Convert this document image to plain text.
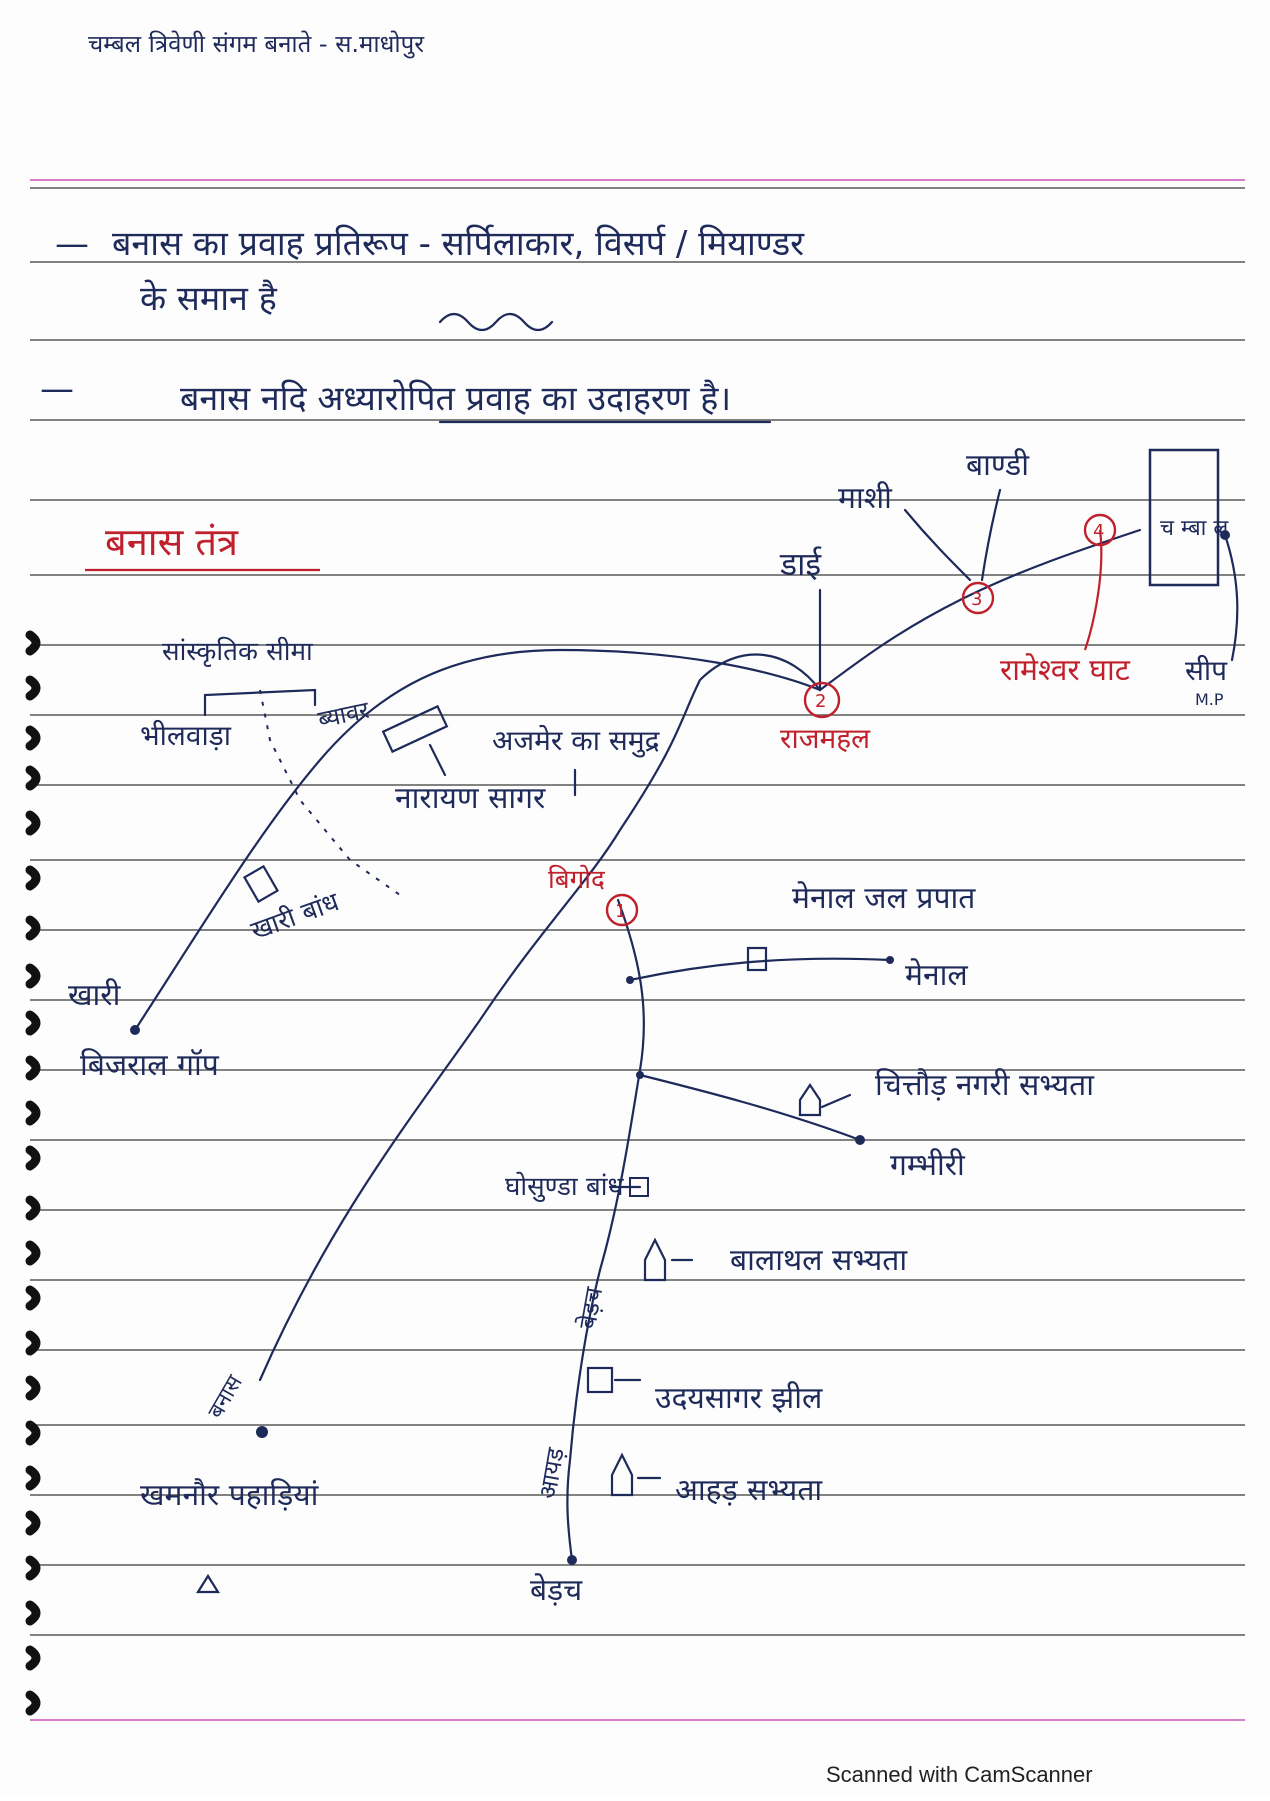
चम्बल त्रिवेणी संगम बनाते - स.माधोपुर
— बनास का प्रवाह प्रतिरूप - सर्पिलाकार, विसर्प / मियाण्डर
के समान है
—	बनास नदि अध्यारोपित प्रवाह का उदाहरण है।
बनास तंत्र
1
2
3
4
सांस्कृतिक सीमा
भीलवाड़ा
ब्यावर
अजमेर का समुद्र
नारायण सागर
खारी
खारी बांध
बिजराल गॉप
डाई
माशी
बाण्डी
राजमहल
रामेश्वर घाट
च म्बा ल
सीप
M.P
बिगोद
मेनाल जल प्रपात
मेनाल
चित्तौड़ नगरी सभ्यता
गम्भीरी
घोसुण्डा बांध
बालाथल सभ्यता
बेड़च
उदयसागर झील
आहड़ सभ्यता
आयड़
बनास
खमनौर पहाड़ियां
बेड़च
Scanned with CamScanner
